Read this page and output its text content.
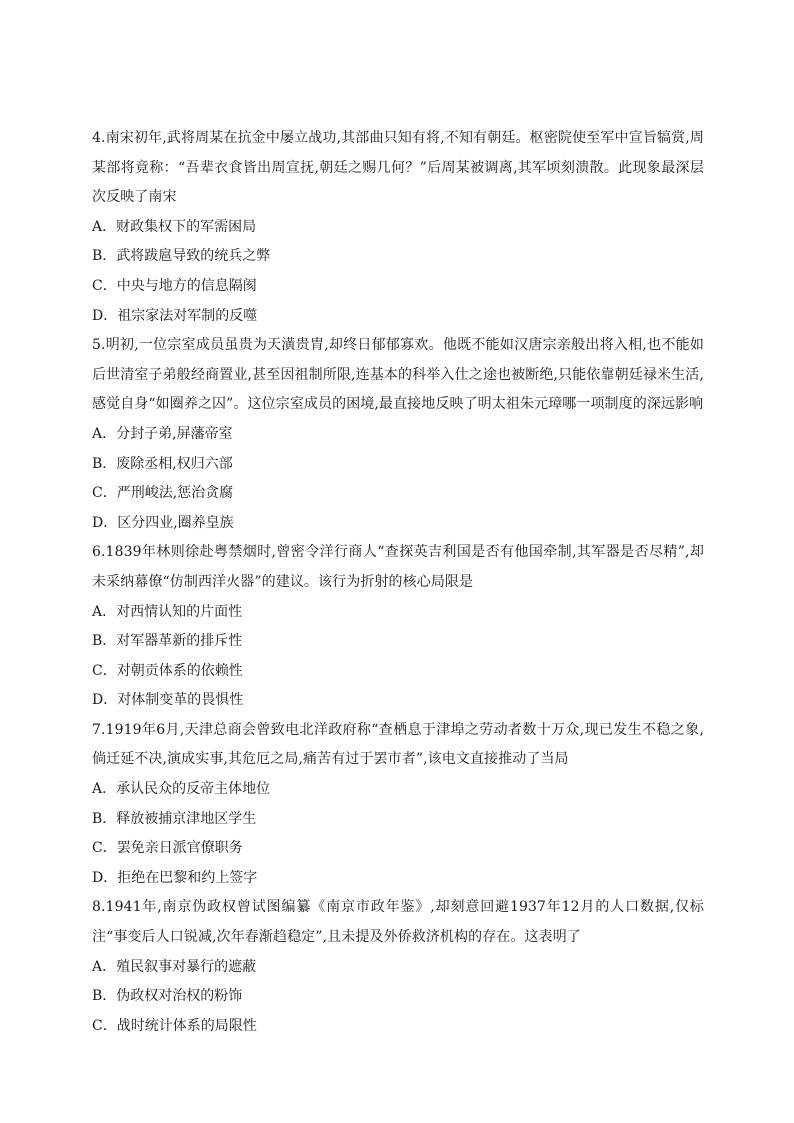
4.南宋初年,武将周某在抗金中屡立战功,其部曲只知有将,不知有朝廷。枢密院使至军中宣旨犒赏,周某部将竟称：“吾辈衣食皆出周宣抚,朝廷之赐几何？”后周某被调离,其军顷刻溃散。此现象最深层次反映了南宋

A．财政集权下的军需困局
B．武将跋扈导致的统兵之弊
C．中央与地方的信息隔阂
D．祖宗家法对军制的反噬

5.明初,一位宗室成员虽贵为天潢贵胄,却终日郁郁寡欢。他既不能如汉唐宗亲般出将入相,也不能如后世清室子弟般经商置业,甚至因祖制所限,连基本的科举入仕之途也被断绝,只能依靠朝廷禄米生活,感觉自身“如圈养之囚”。这位宗室成员的困境,最直接地反映了明太祖朱元璋哪一项制度的深远影响

A．分封子弟,屏藩帝室
B．废除丞相,权归六部
C．严刑峻法,惩治贪腐
D．区分四业,圈养皇族

6.1839年林则徐赴粤禁烟时,曾密令洋行商人“查探英吉利国是否有他国牵制,其军器是否尽精”,却未采纳幕僚“仿制西洋火器”的建议。该行为折射的核心局限是

A．对西情认知的片面性
B．对军器革新的排斥性
C．对朝贡体系的依赖性
D．对体制变革的畏惧性

7.1919年6月,天津总商会曾致电北洋政府称“查栖息于津埠之劳动者数十万众,现已发生不稳之象,倘迁延不决,演成实事,其危厄之局,痛苦有过于罢市者”,该电文直接推动了当局

A．承认民众的反帝主体地位
B．释放被捕京津地区学生
C．罢免亲日派官僚职务
D．拒绝在巴黎和约上签字

8.1941年,南京伪政权曾试图编纂《南京市政年鉴》,却刻意回避1937年12月的人口数据,仅标注“事变后人口锐减,次年春渐趋稳定”,且未提及外侨救济机构的存在。这表明了

A．殖民叙事对暴行的遮蔽
B．伪政权对治权的粉饰
C．战时统计体系的局限性
